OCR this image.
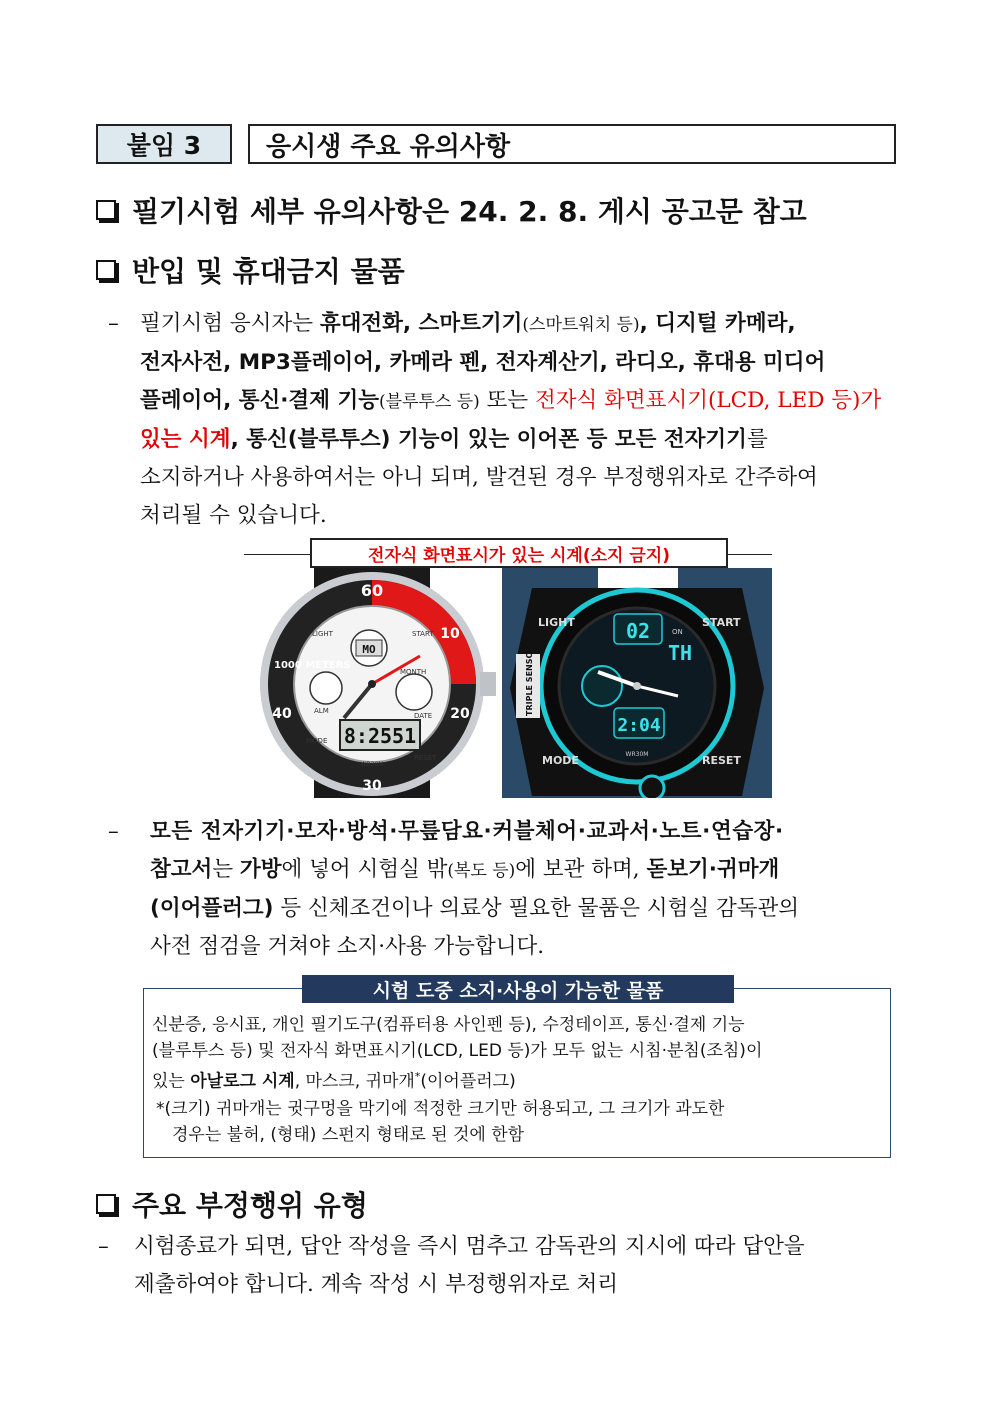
붙임 3	응시생 주요 유의사항
필기시험 세부 유의사항은 24. 2. 8. 게시 공고문 참고
반입 및 휴대금지 물품
– 필기시험 응시자는 휴대전화, 스마트기기(스마트워치 등), 디지털 카메라,
전자사전, MP3플레이어, 카메라 펜, 전자계산기, 라디오, 휴대용 미디어
플레이어, 통신·결제 기능(블루투스 등) 또는 전자식 화면표시기(LCD, LED 등)가
있는 시계, 통신(블루투스) 기능이 있는 이어폰 등 모든 전자기기를
소지하거나 사용하여서는 아니 되며, 발견된 경우 부정행위자로 간주하여
처리될 수 있습니다.
전자식 화면표시가 있는 시계(소지 금지)
60
10
20
30
40
1000 METERS
LIGHT	START
MO
ALM
MONTH
DATE
8:2551
MODE
RESET
WR30M
LIGHT	START
MODE	RESET
TRIPLE SENSOR
02	ON
TH
2:04
WR30M
– 모든 전자기기·모자·방석·무릎담요·커블체어·교과서·노트·연습장·
참고서는 가방에 넣어 시험실 밖(복도 등)에 보관 하며, 돋보기·귀마개
(이어플러그) 등 신체조건이나 의료상 필요한 물품은 시험실 감독관의
사전 점검을 거쳐야 소지·사용 가능합니다.
시험 도중 소지·사용이 가능한 물품
신분증, 응시표, 개인 필기도구(컴퓨터용 사인펜 등), 수정테이프, 통신·결제 기능
(블루투스 등) 및 전자식 화면표시기(LCD, LED 등)가 모두 없는 시침·분침(조침)이
있는 아날로그 시계, 마스크, 귀마개*(이어플러그)
*(크기) 귀마개는 귓구멍을 막기에 적정한 크기만 허용되고, 그 크기가 과도한
경우는 불허, (형태) 스펀지 형태로 된 것에 한함
주요 부정행위 유형
– 시험종료가 되면, 답안 작성을 즉시 멈추고 감독관의 지시에 따라 답안을
제출하여야 합니다. 계속 작성 시 부정행위자로 처리
